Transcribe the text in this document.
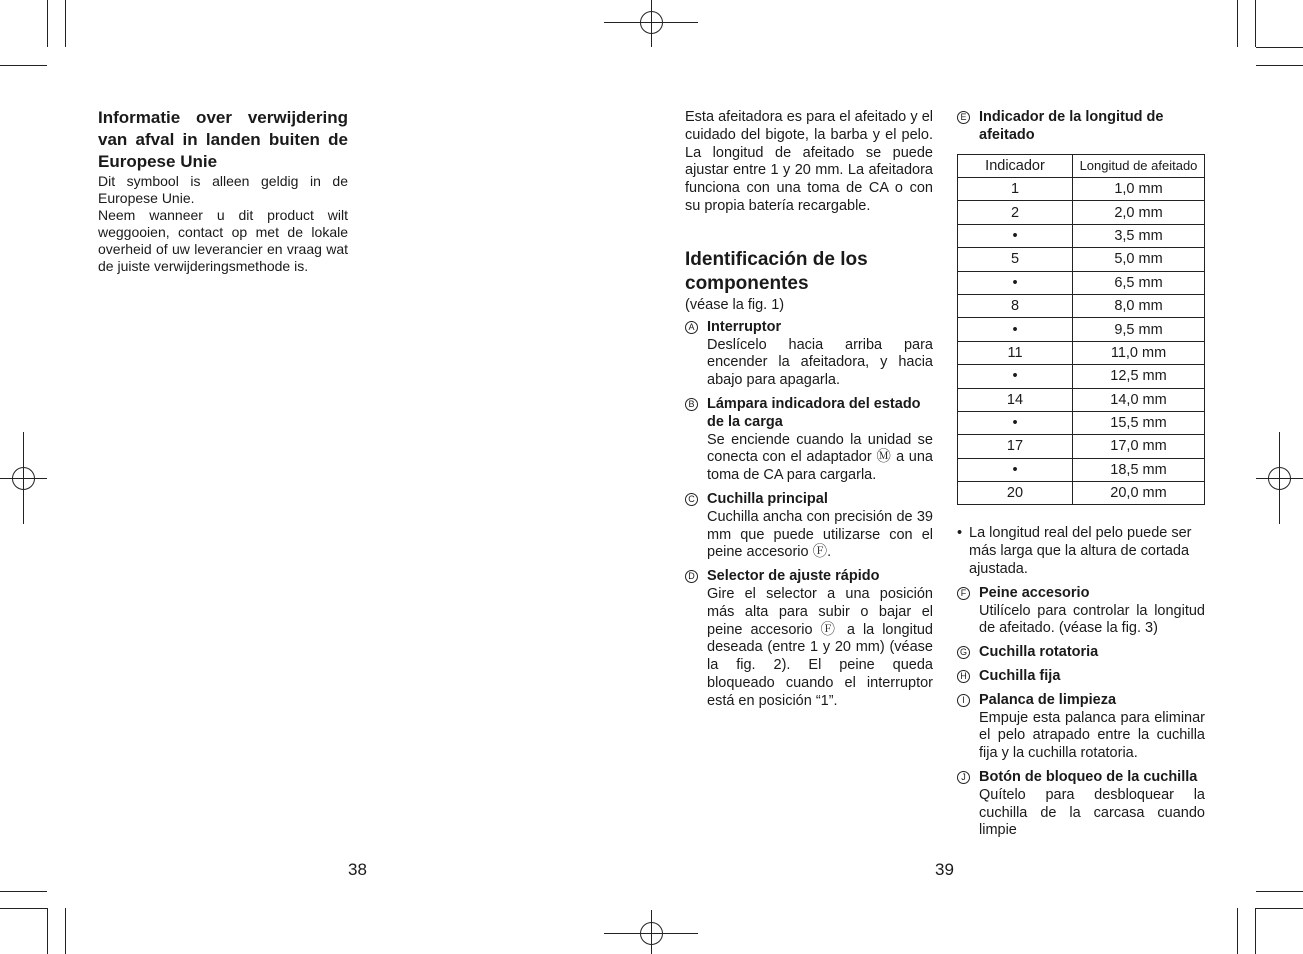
Informatie over verwijdering van afval in landen buiten de Europese Unie

Dit symbool is alleen geldig in de Europese Unie.

Neem wanneer u dit product wilt weggooien, contact op met de lokale overheid of uw leverancier en vraag wat de juiste verwijderingsmethode is.

38

Esta afeitadora es para el afeitado y el cuidado del bigote, la barba y el pelo. La longitud de afeitado se puede ajustar entre 1 y 20 mm. La afeitadora funciona con una toma de CA o con su propia batería recargable.

Identificación de los

componentes

(véase la fig. 1)

A Interruptor

Deslícelo hacia arriba para encender la afeitadora, y hacia abajo para apagarla.

B Lámpara indicadora del estado de la carga

Se enciende cuando la unidad se conecta con el adaptador Ⓜ a una toma de CA para cargarla.

C Cuchilla principal

Cuchilla ancha con precisión de 39 mm que puede utilizarse con el peine accesorio Ⓕ.

D Selector de ajuste rápido

Gire el selector a una posición más alta para subir o bajar el peine accesorio Ⓕ a la longitud deseada (entre 1 y 20 mm) (véase la fig. 2). El peine queda bloqueado cuando el interruptor está en posición “1”.

E Indicador de la longitud de afeitado

Indicador	Longitud de afeitado
1	1,0 mm
2	2,0 mm
•	3,5 mm
5	5,0 mm
•	6,5 mm
8	8,0 mm
•	9,5 mm
11	11,0 mm
•	12,5 mm
14	14,0 mm
•	15,5 mm
17	17,0 mm
•	18,5 mm
20	20,0 mm

• La longitud real del pelo puede ser más larga que la altura de cortada ajustada.

F Peine accesorio

Utilícelo para controlar la longitud de afeitado. (véase la fig. 3)

G Cuchilla rotatoria

H Cuchilla fija

I Palanca de limpieza

Empuje esta palanca para eliminar el pelo atrapado entre la cuchilla fija y la cuchilla rotatoria.

J Botón de bloqueo de la cuchilla

Quítelo para desbloquear la cuchilla de la carcasa cuando limpie

39
